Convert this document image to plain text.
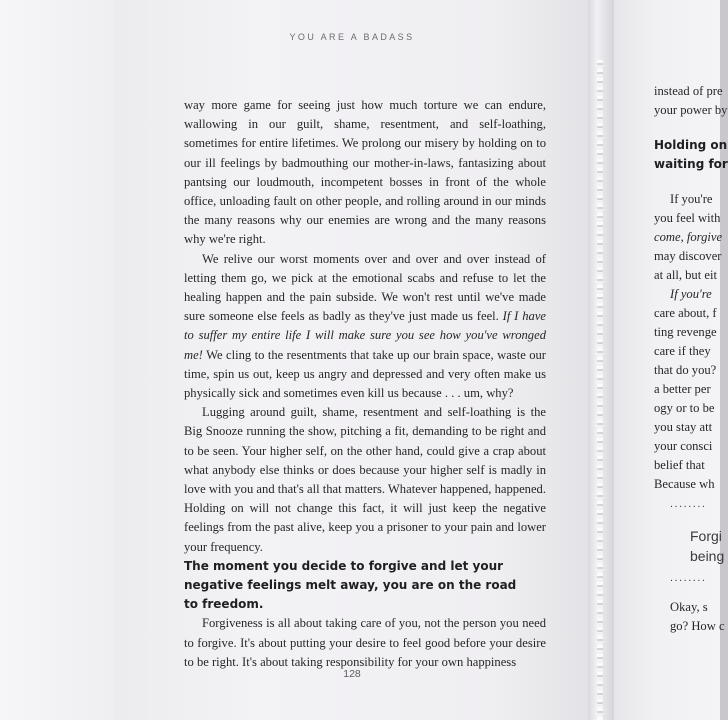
YOU ARE A BADASS

way more game for seeing just how much torture we can endure, wallowing in our guilt, shame, resentment, and self-loathing, sometimes for entire lifetimes. We prolong our misery by holding on to our ill feelings by badmouthing our mother-in-laws, fantasizing about pantsing our loudmouth, incompetent bosses in front of the whole office, unloading fault on other people, and rolling around in our minds the many reasons why our enemies are wrong and the many reasons why we're right.

We relive our worst moments over and over and over instead of letting them go, we pick at the emotional scabs and refuse to let the healing happen and the pain subside. We won't rest until we've made sure someone else feels as badly as they've just made us feel. If I have to suffer my entire life I will make sure you see how you've wronged me! We cling to the resentments that take up our brain space, waste our time, spin us out, keep us angry and depressed and very often make us physically sick and sometimes even kill us because . . . um, why?

Lugging around guilt, shame, resentment and self-loathing is the Big Snooze running the show, pitching a fit, demanding to be right and to be seen. Your higher self, on the other hand, could give a crap about what anybody else thinks or does because your higher self is madly in love with you and that's all that matters. Whatever happened, happened. Holding on will not change this fact, it will just keep the negative feelings from the past alive, keep you a prisoner to your pain and lower your frequency.

The moment you decide to forgive and let your negative feelings melt away, you are on the road to freedom.

Forgiveness is all about taking care of you, not the person you need to forgive. It's about putting your desire to feel good before your desire to be right. It's about taking responsibility for your own happiness

128
instead of pre
your power by
Holding on
waiting for
If you're
you feel with
come, forgive
may discover
at all, but eit
If you're
care about, f
ting revenge
care if they
that do you?
a better per
ogy or to be
you stay att
your consci
belief that
Because wh
........
Forgi
being
........
Okay, s
go? How c
